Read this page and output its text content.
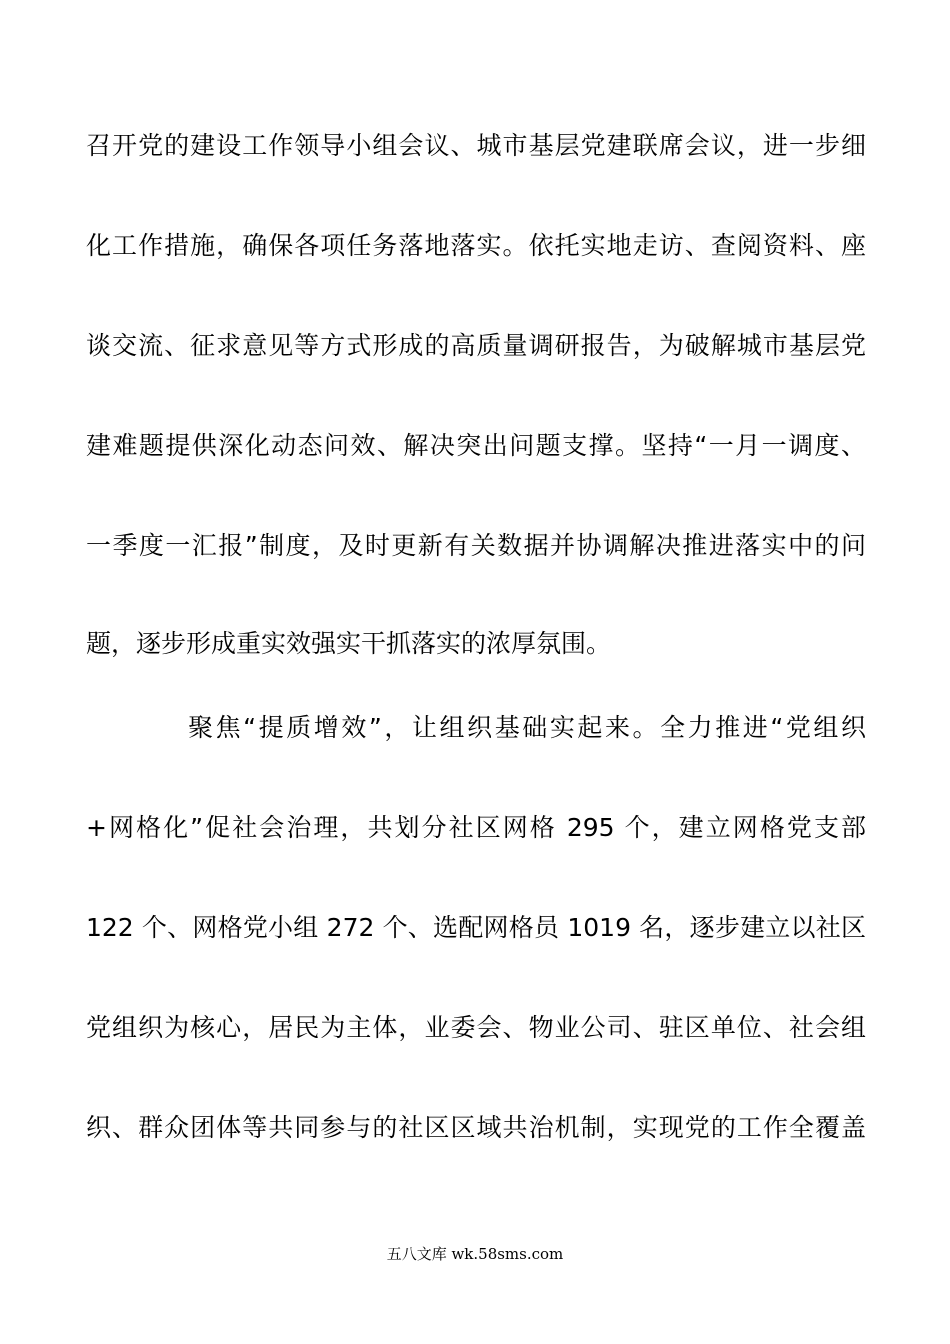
召开党的建设工作领导小组会议、城市基层党建联席会议，进一步细
化工作措施，确保各项任务落地落实。依托实地走访、查阅资料、座
谈交流、征求意见等方式形成的高质量调研报告，为破解城市基层党
建难题提供深化动态问效、解决突出问题支撑。坚持“一月一调度、
一季度一汇报”制度，及时更新有关数据并协调解决推进落实中的问
题，逐步形成重实效强实干抓落实的浓厚氛围。
聚焦“提质增效”，让组织基础实起来。全力推进“党组织
+网格化”促社会治理，共划分社区网格 295 个，建立网格党支部
122 个、网格党小组 272 个、选配网格员 1019 名，逐步建立以社区
党组织为核心，居民为主体，业委会、物业公司、驻区单位、社会组
织、群众团体等共同参与的社区区域共治机制，实现党的工作全覆盖
五八文库 wk.58sms.com
